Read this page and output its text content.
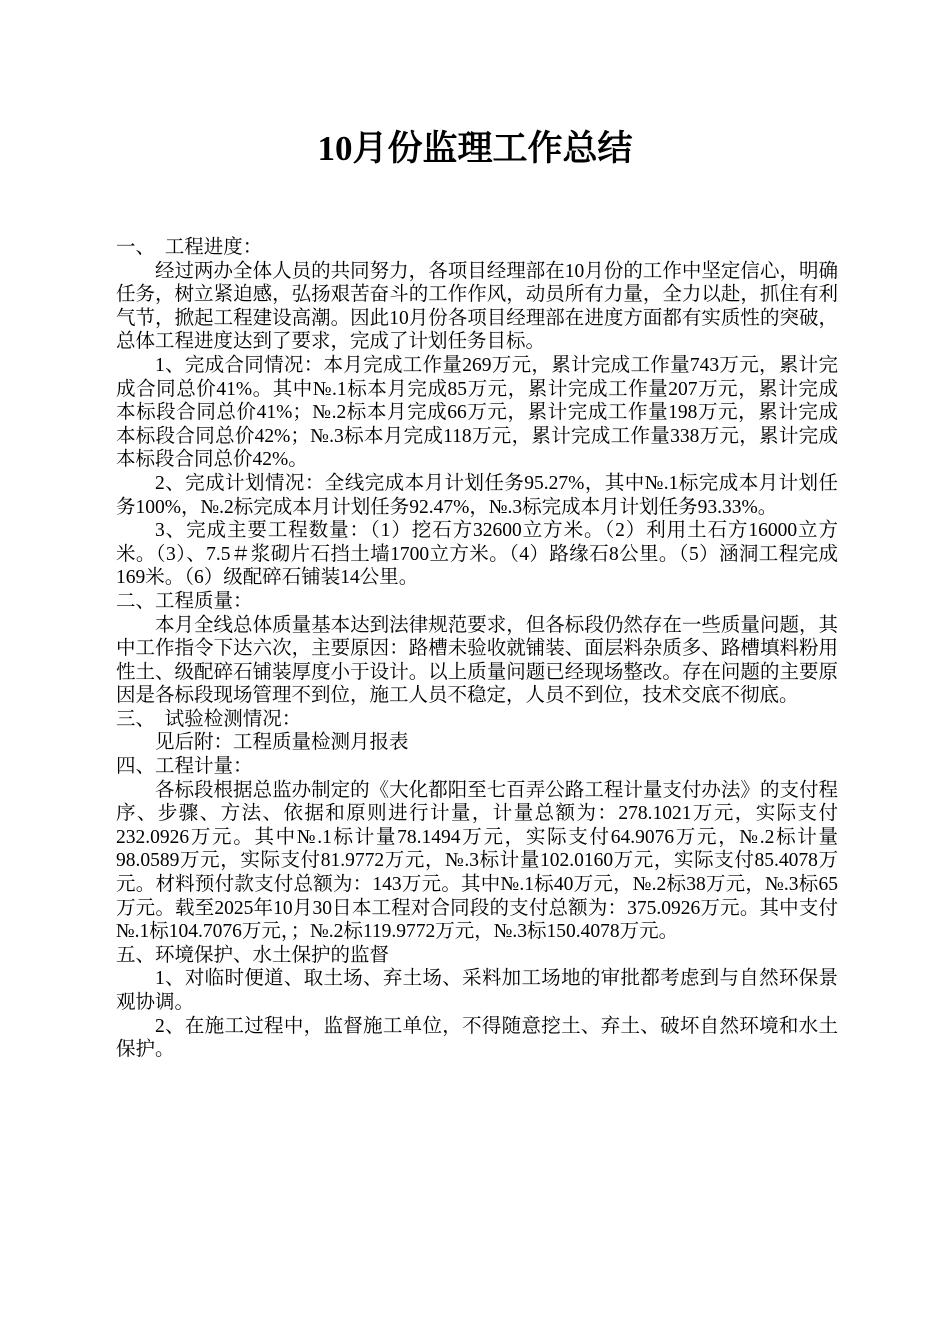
10月份监理工作总结

一、  工程进度：

经过两办全体人员的共同努力，各项目经理部在10月份的工作中坚定信心，明确任务，树立紧迫感，弘扬艰苦奋斗的工作作风，动员所有力量，全力以赴，抓住有利气节，掀起工程建设高潮。因此10月份各项目经理部在进度方面都有实质性的突破，总体工程进度达到了要求，完成了计划任务目标。

1、完成合同情况：本月完成工作量269万元，累计完成工作量743万元，累计完成合同总价41%。其中№.1标本月完成85万元，累计完成工作量207万元，累计完成本标段合同总价41%；№.2标本月完成66万元，累计完成工作量198万元，累计完成本标段合同总价42%；№.3标本月完成118万元，累计完成工作量338万元，累计完成本标段合同总价42%。

2、完成计划情况：全线完成本月计划任务95.27%，其中№.1标完成本月计划任务100%，№.2标完成本月计划任务92.47%，№.3标完成本月计划任务93.33%。

3、完成主要工程数量：（1）挖石方32600立方米。（2）利用土石方16000立方米。（3）、7.5＃浆砌片石挡土墙1700立方米。（4）路缘石8公里。（5）涵洞工程完成169米。（6）级配碎石铺装14公里。

二、工程质量：

本月全线总体质量基本达到法律规范要求，但各标段仍然存在一些质量问题，其中工作指令下达六次，主要原因：路槽未验收就铺装、面层料杂质多、路槽填料粉用性土、级配碎石铺装厚度小于设计。以上质量问题已经现场整改。存在问题的主要原因是各标段现场管理不到位，施工人员不稳定，人员不到位，技术交底不彻底。

三、  试验检测情况：

见后附：工程质量检测月报表

四、工程计量：

各标段根据总监办制定的《大化都阳至七百弄公路工程计量支付办法》的支付程序、步骤、方法、依据和原则进行计量，计量总额为：278.1021万元，实际支付232.0926万元。其中№.1标计量78.1494万元，实际支付64.9076万元，№.2标计量98.0589万元，实际支付81.9772万元，№.3标计量102.0160万元，实际支付85.4078万元。材料预付款支付总额为：143万元。其中№.1标40万元，№.2标38万元，№.3标65万元。载至2025年10月30日本工程对合同段的支付总额为：375.0926万元。其中支付№.1标104.7076万元，；№.2标119.9772万元，№.3标150.4078万元。

五、环境保护、水土保护的监督

1、对临时便道、取土场、弃土场、采料加工场地的审批都考虑到与自然环保景观协调。

2、在施工过程中，监督施工单位，不得随意挖土、弃土、破坏自然环境和水土保护。
